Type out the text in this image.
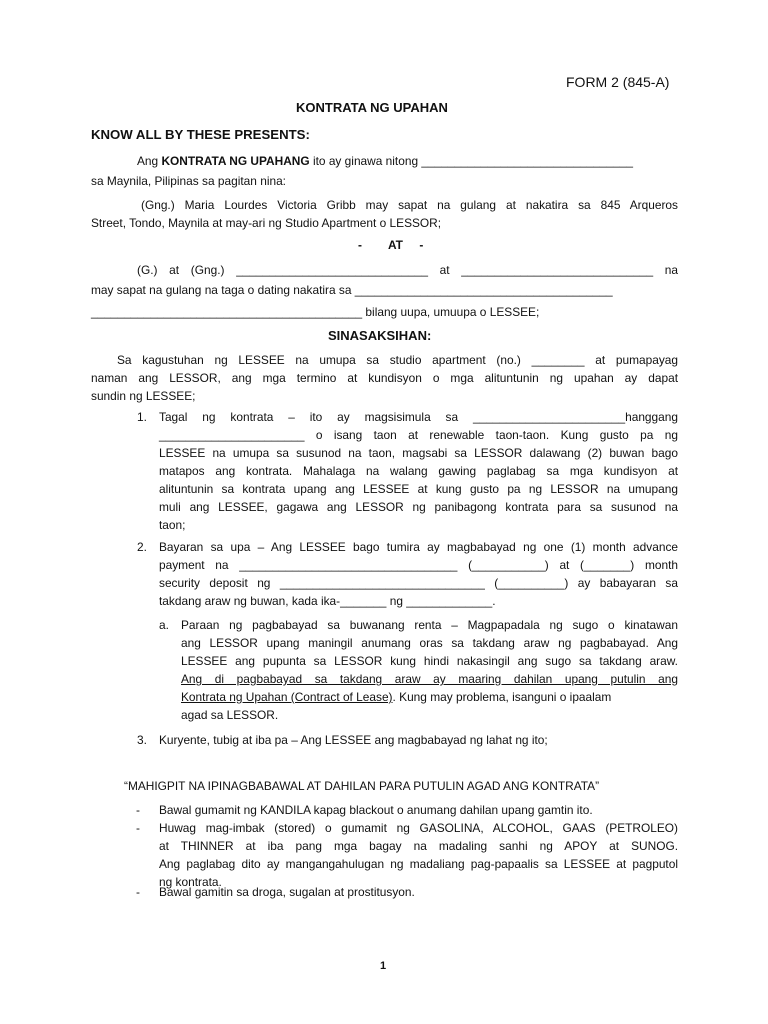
FORM 2 (845-A)
KONTRATA NG UPAHAN
KNOW ALL BY THESE PRESENTS:
Ang KONTRATA NG UPAHANG ito ay ginawa nitong ________________________________
sa Maynila, Pilipinas sa pagitan nina:
(Gng.) Maria Lourdes Victoria Gribb may sapat na gulang at nakatira sa 845 Arqueros
Street, Tondo, Maynila at may-ari ng Studio Apartment o LESSOR;
-        AT     -
(G.) at (Gng.) _____________________________ at _____________________________ na
may sapat na gulang na taga o dating nakatira sa _______________________________________
_________________________________________ bilang uupa, umuupa o LESSEE;
SINASAKSIHAN:
Sa kagustuhan ng LESSEE na umupa sa studio apartment (no.) ________ at pumapayag
naman ang LESSOR, ang mga termino at kundisyon o mga alituntunin ng upahan ay dapat
sundin ng LESSEE;
1. Tagal ng kontrata – ito ay magsisimula sa _______________________hanggang
______________________ o isang taon at renewable taon-taon. Kung gusto pa ng
LESSEE na umupa sa susunod na taon, magsabi sa LESSOR dalawang (2) buwan bago
matapos ang kontrata. Mahalaga na walang gawing paglabag sa mga kundisyon at
alituntunin sa kontrata upang ang LESSEE at kung gusto pa ng LESSOR na umupang
muli ang LESSEE, gagawa ang LESSOR ng panibagong kontrata para sa susunod na
taon;
2. Bayaran sa upa – Ang LESSEE bago tumira ay magbabayad ng one (1) month advance
payment na _________________________________ (___________) at (_______) month
security deposit ng _______________________________ (__________) ay babayaran sa
takdang araw ng buwan, kada ika-_______ ng _____________.
a. Paraan ng pagbabayad sa buwanang renta – Magpapadala ng sugo o kinatawan
ang LESSOR upang maningil anumang oras sa takdang araw ng pagbabayad. Ang
LESSEE ang pupunta sa LESSOR kung hindi nakasingil ang sugo sa takdang araw.
Ang di pagbabayad sa takdang araw ay maaring dahilan upang putulin ang
Kontrata ng Upahan (Contract of Lease). Kung may problema, isanguni o ipaalam
agad sa LESSOR.
3. Kuryente, tubig at iba pa – Ang LESSEE ang magbabayad ng lahat ng ito;
“MAHIGPIT NA IPINAGBABAWAL AT DAHILAN PARA PUTULIN AGAD ANG KONTRATA”
- Bawal gumamit ng KANDILA kapag blackout o anumang dahilan upang gamtin ito.
- Huwag mag-imbak (stored) o gumamit ng GASOLINA, ALCOHOL, GAAS (PETROLEO)
at THINNER at iba pang mga bagay na madaling sanhi ng APOY at SUNOG.
Ang paglabag dito ay mangangahulugan ng madaliang pag-papaalis sa LESSEE at pagputol
ng kontrata.
- Bawal gamitin sa droga, sugalan at prostitusyon.
1
